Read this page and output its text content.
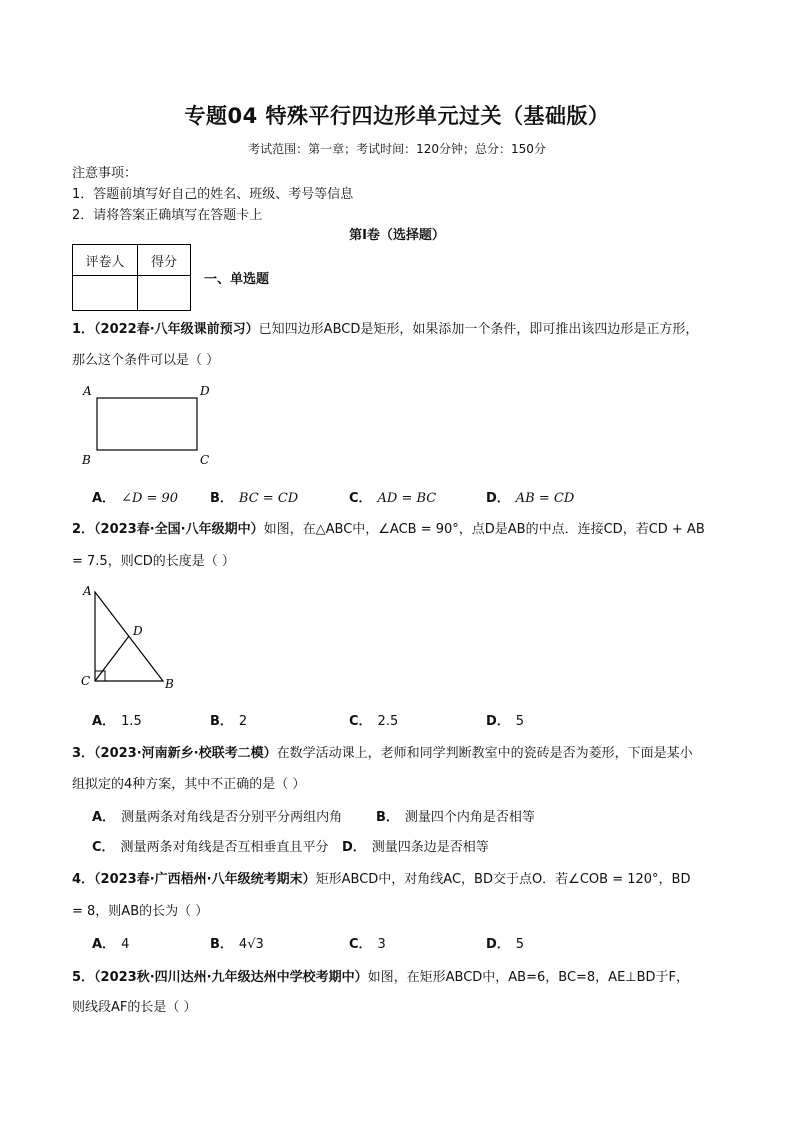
专题04 特殊平行四边形单元过关（基础版）
考试范围：第一章；考试时间：120分钟；总分：150分
注意事项：
1．答题前填写好自己的姓名、班级、考号等信息
2．请将答案正确填写在答题卡上
第I卷（选择题）
评卷人	得分

一、单选题
1．（2022春·八年级课前预习）已知四边形ABCD是矩形，如果添加一个条件，即可推出该四边形是正方形，
那么这个条件可以是（ ）
A	D
B	C
A． ∠D = 90 B． BC = CD	C． AD = BC	D． AB = CD
2．（2023春·全国·八年级期中）如图，在△ABC中，∠ACB = 90°，点D是AB的中点．连接CD，若CD + AB
= 7.5，则CD的长度是（ ）
A
D
C	B
A． 1.5	B． 2	C． 2.5	D． 5
3．（2023·河南新乡·校联考二模）在数学活动课上，老师和同学判断教室中的瓷砖是否为菱形，下面是某小
组拟定的4种方案，其中不正确的是（ ）
A． 测量两条对角线是否分别平分两组内角	B． 测量四个内角是否相等
C． 测量两条对角线是否互相垂直且平分 D． 测量四条边是否相等
4．（2023春·广西梧州·八年级统考期末）矩形ABCD中，对角线AC，BD交于点O．若∠COB = 120°，BD
= 8，则AB的长为（ ）
A． 4	B． 4√3	C． 3	D． 5
5．（2023秋·四川达州·九年级达州中学校考期中）如图，在矩形ABCD中，AB=6，BC=8，AE⊥BD于F，
则线段AF的长是（ ）
